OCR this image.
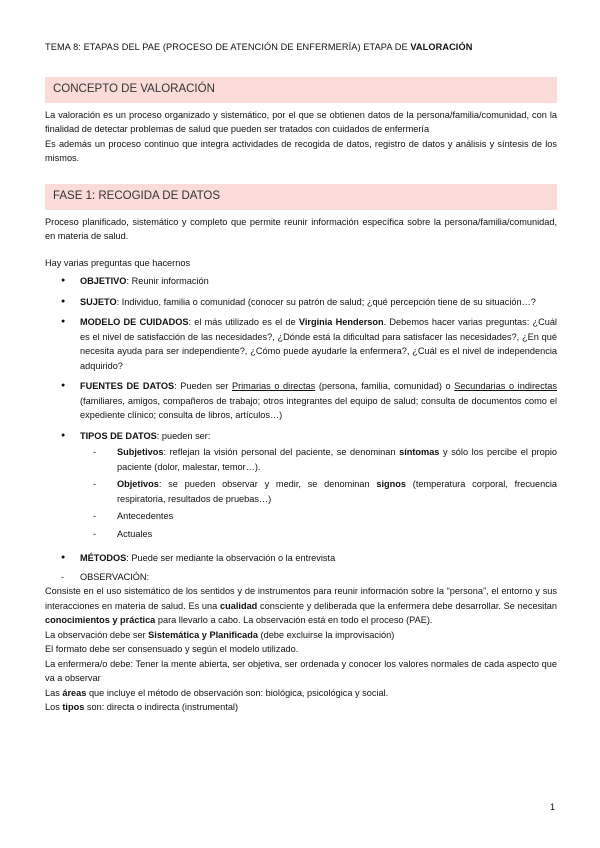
TEMA 8: ETAPAS DEL PAE (PROCESO DE ATENCIÓN DE ENFERMERÍA) ETAPA DE VALORACIÓN
CONCEPTO DE VALORACIÓN

La valoración es un proceso organizado y sistemático, por el que se obtienen datos de la persona/familia/comunidad, con la finalidad de detectar problemas de salud que pueden ser tratados con cuidados de enfermería

Es además un proceso continuo que integra actividades de recogida de datos, registro de datos y análisis y síntesis de los mismos.

FASE 1: RECOGIDA DE DATOS

Proceso planificado, sistemático y completo que permite reunir información específica sobre la persona/familia/comunidad, en materia de salud.

Hay varias preguntas que hacernos

● OBJETIVO: Reunir información
● SUJETO: Individuo, familia o comunidad (conocer su patrón de salud; ¿qué percepción tiene de su situación…?
● MODELO DE CUIDADOS: el más utilizado es el de Virginia Henderson. Debemos hacer varias preguntas: ¿Cuál es el nivel de satisfacción de las necesidades?, ¿Dónde está la dificultad para satisfacer las necesidades?, ¿En qué necesita ayuda para ser independiente?, ¿Cómo puede ayudarle la enfermera?, ¿Cuál es el nivel de independencia adquirido?
● FUENTES DE DATOS: Pueden ser Primarias o directas (persona, familia, comunidad) o Secundarias o indirectas (familiares, amigos, compañeros de trabajo; otros integrantes del equipo de salud; consulta de documentos como el expediente clínico; consulta de libros, artículos…)
● TIPOS DE DATOS: pueden ser:
- Subjetivos: reflejan la visión personal del paciente, se denominan síntomas y sólo los percibe el propio paciente (dolor, malestar, temor…).
- Objetivos: se pueden observar y medir, se denominan signos (temperatura corporal, frecuencia respiratoria, resultados de pruebas…)
- Antecedentes
- Actuales
● MÉTODOS: Puede ser mediante la observación o la entrevista
- OBSERVACIÓN:

Consiste en el uso sistemático de los sentidos y de instrumentos para reunir información sobre la “persona”, el entorno y sus interacciones en materia de salud. Es una cualidad consciente y deliberada que la enfermera debe desarrollar. Se necesitan conocimientos y práctica para llevarlo a cabo. La observación está en todo el proceso (PAE).

La observación debe ser Sistemática y Planificada (debe excluirse la improvisación)

El formato debe ser consensuado y según el modelo utilizado.

La enfermera/o debe: Tener la mente abierta, ser objetiva, ser ordenada y conocer los valores normales de cada aspecto que va a observar

Las áreas que incluye el método de observación son: biológica, psicológica y social.

Los tipos son: directa o indirecta (instrumental)

1
